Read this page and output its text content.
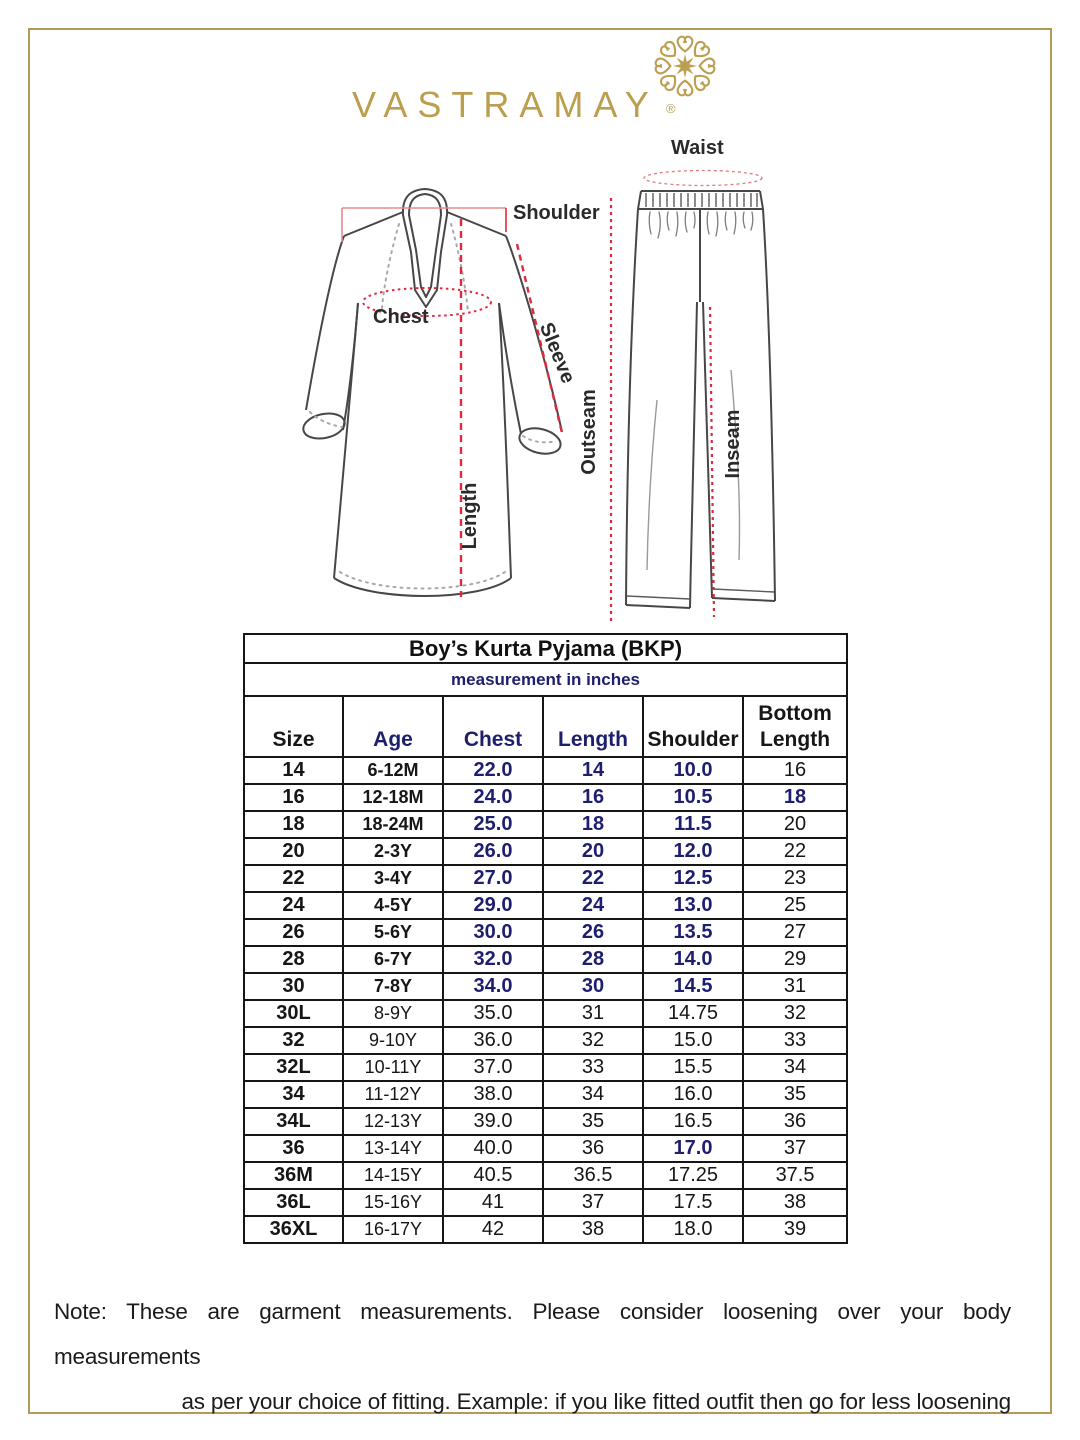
VASTRAMAY ®
Shoulder
Chest
Sleeve
Length
Waist
Outseam	Inseam
Boy’s Kurta Pyjama (BKP)					
measurement in inches					
Size	Age	Chest	Length	Shoulder	Bottom Length
14	6-12M	22.0	14	10.0	16
16	12-18M	24.0	16	10.5	18
18	18-24M	25.0	18	11.5	20
20	2-3Y	26.0	20	12.0	22
22	3-4Y	27.0	22	12.5	23
24	4-5Y	29.0	24	13.0	25
26	5-6Y	30.0	26	13.5	27
28	6-7Y	32.0	28	14.0	29
30	7-8Y	34.0	30	14.5	31
30L	8-9Y	35.0	31	14.75	32
32	9-10Y	36.0	32	15.0	33
32L	10-11Y	37.0	33	15.5	34
34	11-12Y	38.0	34	16.0	35
34L	12-13Y	39.0	35	16.5	36
36	13-14Y	40.0	36	17.0	37
36M	14-15Y	40.5	36.5	17.25	37.5
36L	15-16Y	41	37	17.5	38
36XL	16-17Y	42	38	18.0	39
Note: These are garment measurements. Please consider loosening over your body measurements
as per your choice of fitting. Example: if you like fitted outfit then go for less loosening
